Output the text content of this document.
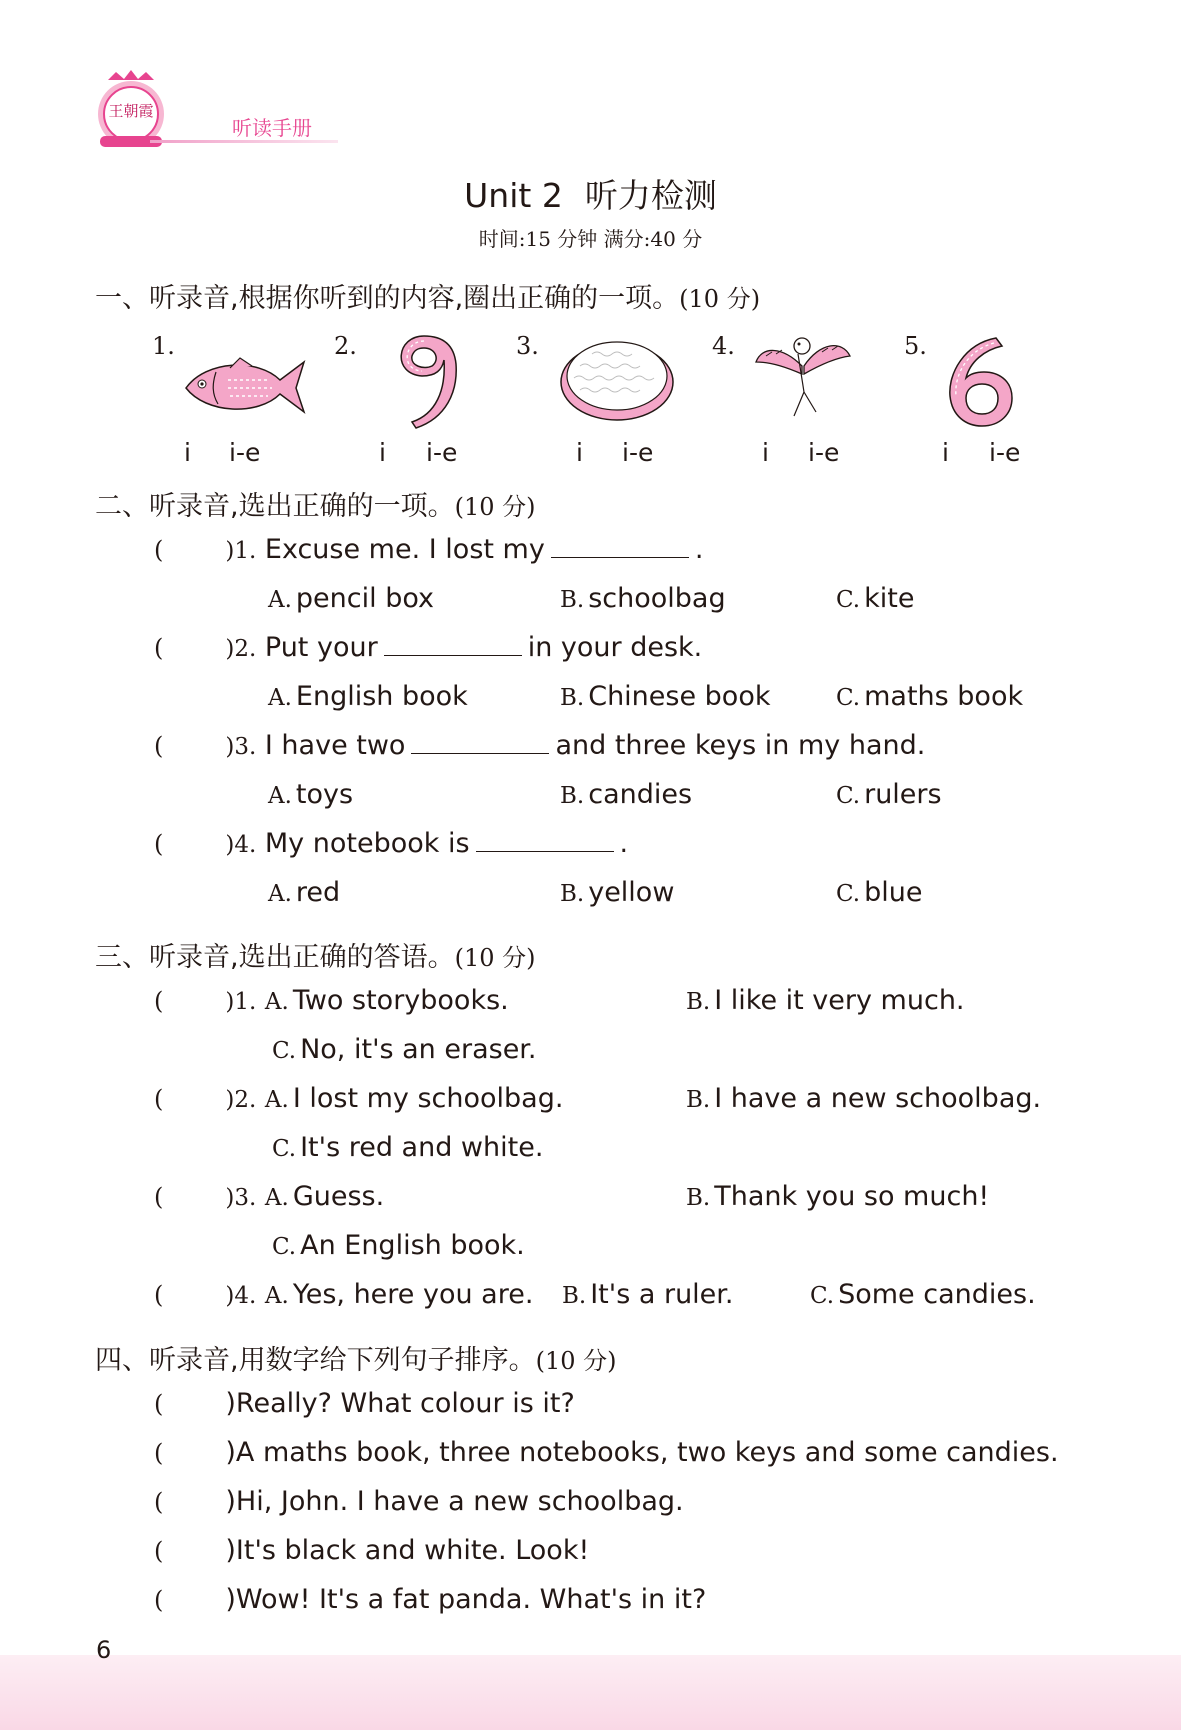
王朝霞
听读手册
Unit 2 听力检测
时间:15 分钟 满分:40 分
一、听录音,根据你听到的内容,圈出正确的一项。(10 分)
1.
i i-e
2.
i i-e
3.
i i-e
4.
i i-e
5.
i i-e
二、听录音,选出正确的一项。(10 分)
(	)1. Excuse me. I lost my	.
A. pencil box	B. schoolbag	C. kite
(	)2. Put your	in your desk.
A. English book	B. Chinese book	C. maths book
(	)3. I have two	and three keys in my hand.
A. toys	B. candies	C. rulers
(	)4. My notebook is	.
A. red	B. yellow	C. blue
三、听录音,选出正确的答语。(10 分)
(	)1. A. Two storybooks.	B. I like it very much.
C. No, it's an eraser.
(	)2. A. I lost my schoolbag.	B. I have a new schoolbag.
C. It's red and white.
(	)3. A. Guess.	B. Thank you so much!
C. An English book.
(	)4. A. Yes, here you are. B. It's a ruler.	C. Some candies.
四、听录音,用数字给下列句子排序。(10 分)
( )Really? What colour is it?
( )A maths book, three notebooks, two keys and some candies.
( )Hi, John. I have a new schoolbag.
( )It's black and white. Look!
( )Wow! It's a fat panda. What's in it?
6
